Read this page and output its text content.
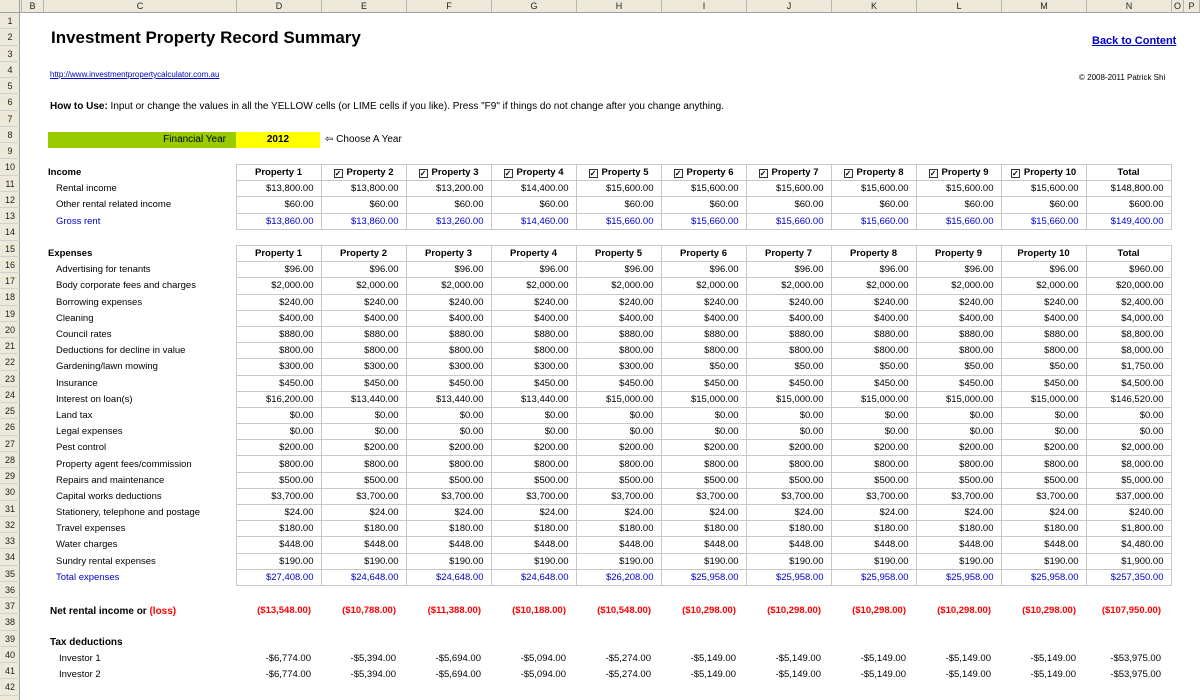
B	C	D	E	F	G	H	I	J	K	L	M	N	O P
1
2
3
4
5
6
7
8
9
10
11
12
13
14
15
16
17
18
19
20
21
22
23
24
25
26
27
28
29
30
31
32
33
34
35
36
37
38
39
40
41
42
Investment Property Record Summary	Back to Content
http://www.investmentpropertycalculator.com.au	© 2008-2011 Patrick Shi
How to Use: Input or change the values in all the YELLOW cells (or LIME cells if you like). Press "F9" if things do not change after you change anything.
Financial Year	2012	⇦ Choose A Year
Income	Property 1	✓ Property 2	✓ Property 3	✓ Property 4	✓ Property 5	✓ Property 6	✓ Property 7	✓ Property 8	✓ Property 9	✓ Property 10	Total
Rental income	$13,800.00	$13,800.00	$13,200.00	$14,400.00	$15,600.00	$15,600.00	$15,600.00	$15,600.00	$15,600.00	$15,600.00	$148,800.00
Other rental related income	$60.00	$60.00	$60.00	$60.00	$60.00	$60.00	$60.00	$60.00	$60.00	$60.00	$600.00
Gross rent	$13,860.00	$13,860.00	$13,260.00	$14,460.00	$15,660.00	$15,660.00	$15,660.00	$15,660.00	$15,660.00	$15,660.00	$149,400.00
Expenses	Property 1	Property 2	Property 3	Property 4	Property 5	Property 6	Property 7	Property 8	Property 9	Property 10	Total
Advertising for tenants	$96.00	$96.00	$96.00	$96.00	$96.00	$96.00	$96.00	$96.00	$96.00	$96.00	$960.00
Body corporate fees and charges	$2,000.00	$2,000.00	$2,000.00	$2,000.00	$2,000.00	$2,000.00	$2,000.00	$2,000.00	$2,000.00	$2,000.00	$20,000.00
Borrowing expenses	$240.00	$240.00	$240.00	$240.00	$240.00	$240.00	$240.00	$240.00	$240.00	$240.00	$2,400.00
Cleaning	$400.00	$400.00	$400.00	$400.00	$400.00	$400.00	$400.00	$400.00	$400.00	$400.00	$4,000.00
Council rates	$880.00	$880.00	$880.00	$880.00	$880.00	$880.00	$880.00	$880.00	$880.00	$880.00	$8,800.00
Deductions for decline in value	$800.00	$800.00	$800.00	$800.00	$800.00	$800.00	$800.00	$800.00	$800.00	$800.00	$8,000.00
Gardening/lawn mowing	$300.00	$300.00	$300.00	$300.00	$300.00	$50.00	$50.00	$50.00	$50.00	$50.00	$1,750.00
Insurance	$450.00	$450.00	$450.00	$450.00	$450.00	$450.00	$450.00	$450.00	$450.00	$450.00	$4,500.00
Interest on loan(s)	$16,200.00	$13,440.00	$13,440.00	$13,440.00	$15,000.00	$15,000.00	$15,000.00	$15,000.00	$15,000.00	$15,000.00	$146,520.00
Land tax	$0.00	$0.00	$0.00	$0.00	$0.00	$0.00	$0.00	$0.00	$0.00	$0.00	$0.00
Legal expenses	$0.00	$0.00	$0.00	$0.00	$0.00	$0.00	$0.00	$0.00	$0.00	$0.00	$0.00
Pest control	$200.00	$200.00	$200.00	$200.00	$200.00	$200.00	$200.00	$200.00	$200.00	$200.00	$2,000.00
Property agent fees/commission	$800.00	$800.00	$800.00	$800.00	$800.00	$800.00	$800.00	$800.00	$800.00	$800.00	$8,000.00
Repairs and maintenance	$500.00	$500.00	$500.00	$500.00	$500.00	$500.00	$500.00	$500.00	$500.00	$500.00	$5,000.00
Capital works deductions	$3,700.00	$3,700.00	$3,700.00	$3,700.00	$3,700.00	$3,700.00	$3,700.00	$3,700.00	$3,700.00	$3,700.00	$37,000.00
Stationery, telephone and postage	$24.00	$24.00	$24.00	$24.00	$24.00	$24.00	$24.00	$24.00	$24.00	$24.00	$240.00
Travel expenses	$180.00	$180.00	$180.00	$180.00	$180.00	$180.00	$180.00	$180.00	$180.00	$180.00	$1,800.00
Water charges	$448.00	$448.00	$448.00	$448.00	$448.00	$448.00	$448.00	$448.00	$448.00	$448.00	$4,480.00
Sundry rental expenses	$190.00	$190.00	$190.00	$190.00	$190.00	$190.00	$190.00	$190.00	$190.00	$190.00	$1,900.00
Total expenses	$27,408.00	$24,648.00	$24,648.00	$24,648.00	$26,208.00	$25,958.00	$25,958.00	$25,958.00	$25,958.00	$25,958.00	$257,350.00
Net rental income or (loss)	($13,548.00)	($10,788.00)	($11,388.00)	($10,188.00)	($10,548.00)	($10,298.00)	($10,298.00)	($10,298.00)	($10,298.00)	($10,298.00)	($107,950.00)
Tax deductions
Investor 1	-$6,774.00	-$5,394.00	-$5,694.00	-$5,094.00	-$5,274.00	-$5,149.00	-$5,149.00	-$5,149.00	-$5,149.00	-$5,149.00	-$53,975.00
Investor 2	-$6,774.00	-$5,394.00	-$5,694.00	-$5,094.00	-$5,274.00	-$5,149.00	-$5,149.00	-$5,149.00	-$5,149.00	-$5,149.00	-$53,975.00
